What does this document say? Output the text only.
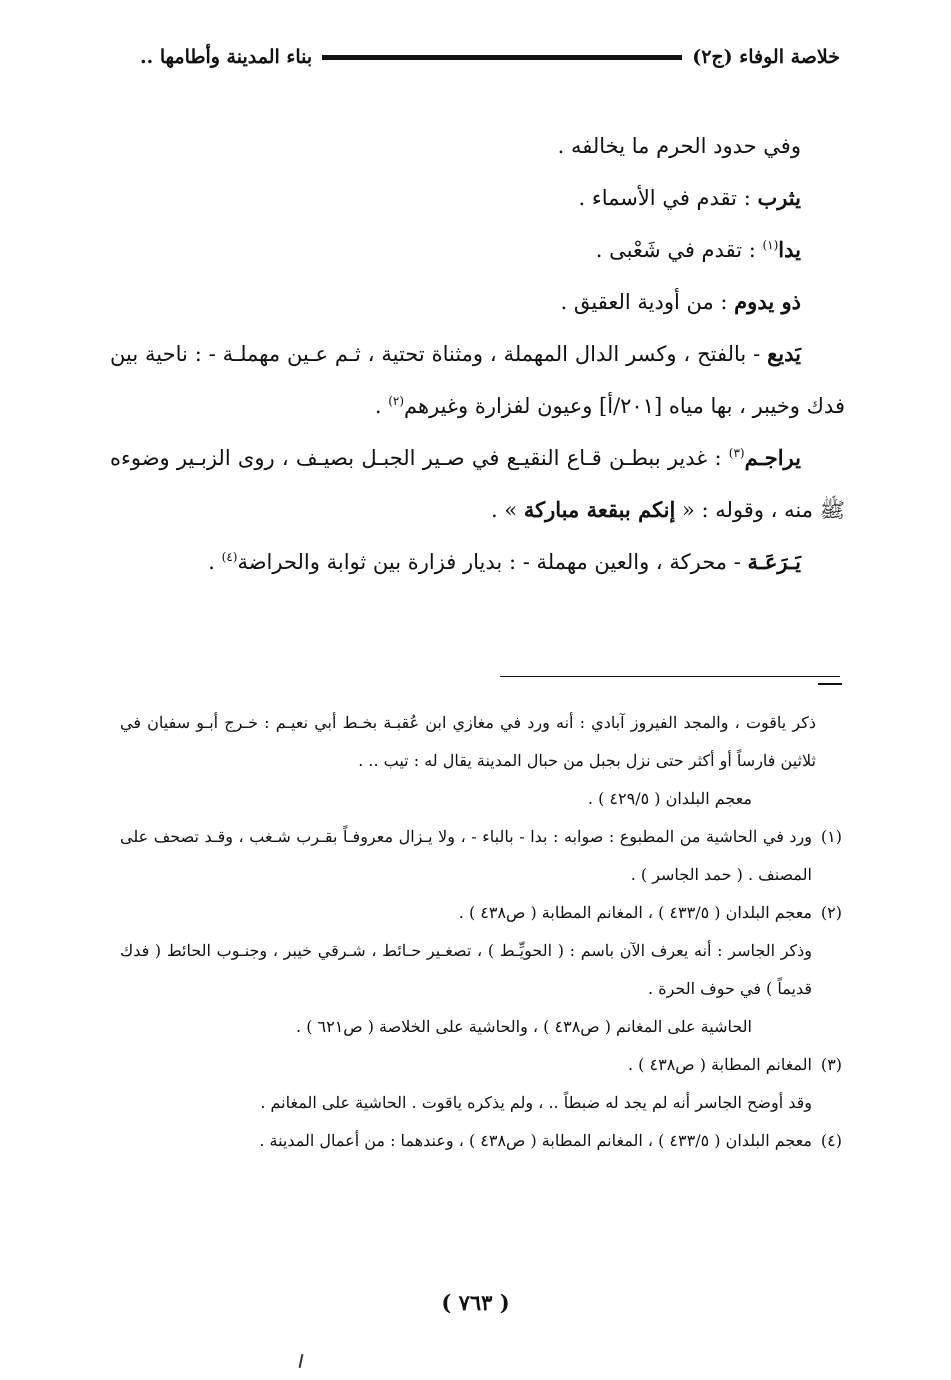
خلاصة الوفاء (ج٢)
بناء المدينة وأطامها ..

وفي حدود الحرم ما يخالفه .

يثرب : تقدم في الأسماء .

يدا$^{(١)}$ : تقدم في شَعْبى .

ذو يدوم : من أودية العقيق .

يَديع - بالفتح ، وكسر الدال المهملة ، ومثناة تحتية ، ثـم عـين مهملـة - : ناحية بين فدك وخيبر ، بها مياه [٢٠١/أ] وعيون لفزارة وغيرهم$^{(٢)}$ .

يراجـم$^{(٣)}$ : غدير ببطـن قـاع النقيـع في صـير الجبـل بصيـف ، روى الزبـير وضوءه ﷺ منه ، وقوله : « إنكم ببقعة مباركة » .

يَـرَعَـة - محركة ، والعين مهملة - : بديار فزارة بين ثوابة والحراضة$^{(٤)}$ .

ذكر ياقوت ، والمجد الفيروز آبادي : أنه ورد في مغازي ابن عُقبـة بخـط أبي نعيـم : خـرج أبـو سفيان في ثلاثين فارساً أو أكثر حتى نزل بجبل من حبال المدينة يقال له : تيب .. .

معجم البلدان ( ٤٢٩/٥ ) .

(١)
ورد في الحاشية من المطبوع : صوابه : بدا - بالباء - ، ولا يـزال معروفـاً بقـرب شـغب ، وقـد تصحف على المصنف . ( حمد الجاسر ) .
(٢)
معجم البلدان ( ٤٣٣/٥ ) ، المغانم المطابة ( ص٤٣٨ ) .

وذكر الجاسر : أنه يعرف الآن باسم : ( الحويِّـط ) ، تصغـير حـائط ، شـرقي خيبر ، وجنـوب الحائط ( فدك قديماً ) في حوف الحرة .

الحاشية على المغانم ( ص٤٣٨ ) ، والحاشية على الخلاصة ( ص٦٢١ ) .

(٣)
المغانم المطابة ( ص٤٣٨ ) .

وقد أوضح الجاسر أنه لم يجد له ضبطاً .. ، ولم يذكره ياقوت . الحاشية على المغانم .

(٤)
معجم البلدان ( ٤٣٣/٥ ) ، المغانم المطابة ( ص٤٣٨ ) ، وعندهما : من أعمال المدينة .
( ٧٦٣ )
